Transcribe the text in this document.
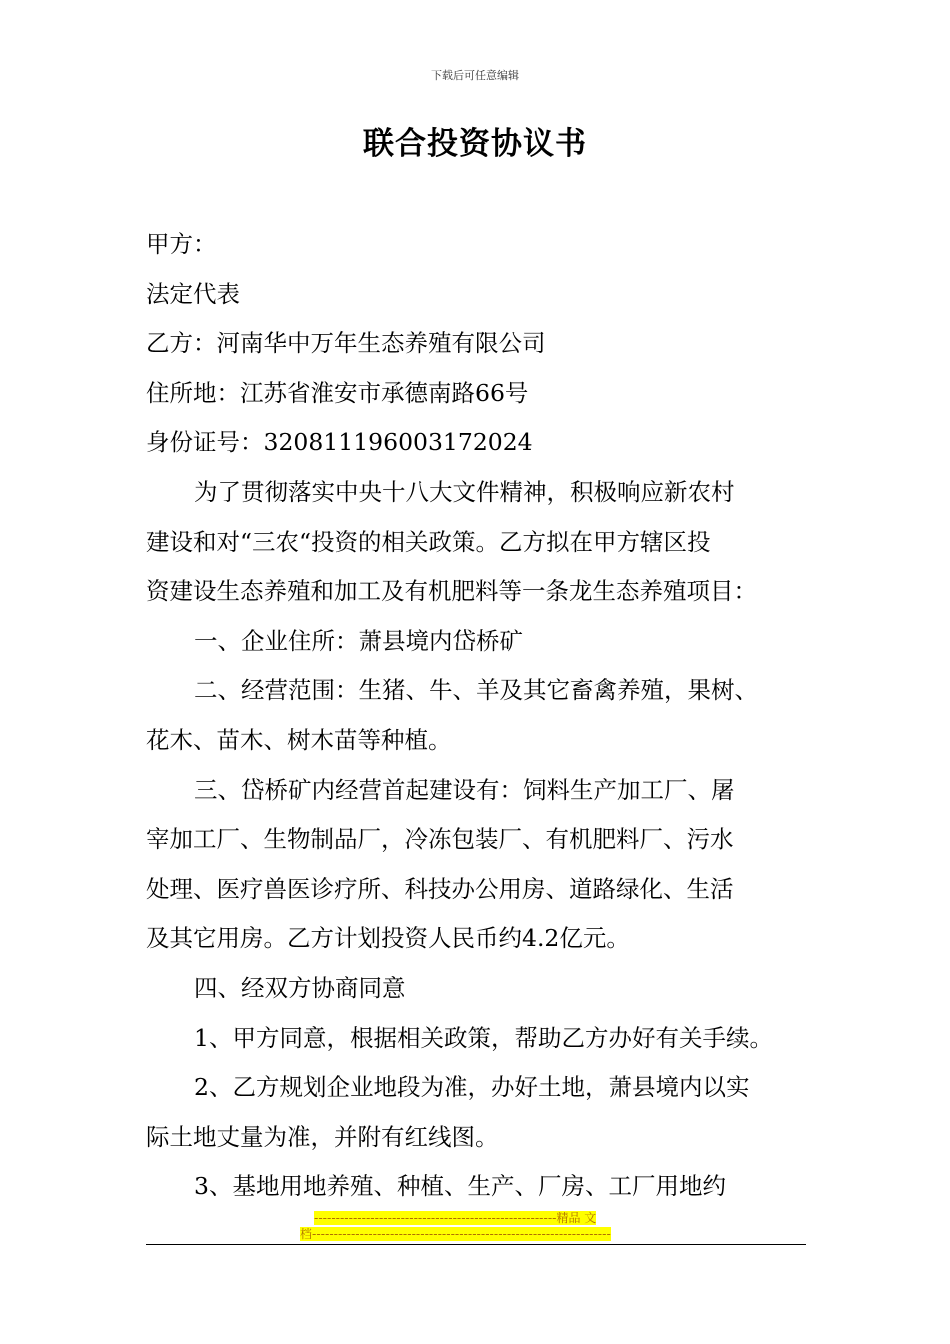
下载后可任意编辑
联合投资协议书
甲方：
法定代表
乙方：河南华中万年生态养殖有限公司
住所地：江苏省淮安市承德南路66号
身份证号：320811196003172024
为了贯彻落实中央十八大文件精神，积极响应新农村
建设和对“三农“投资的相关政策。乙方拟在甲方辖区投
资建设生态养殖和加工及有机肥料等一条龙生态养殖项目：
一、企业住所：萧县境内岱桥矿
二、经营范围：生猪、牛、羊及其它畜禽养殖，果树、
花木、苗木、树木苗等种植。
三、岱桥矿内经营首起建设有：饲料生产加工厂、屠
宰加工厂、生物制品厂，冷冻包装厂、有机肥料厂、污水
处理、医疗兽医诊疗所、科技办公用房、道路绿化、生活
及其它用房。乙方计划投资人民币约4.2亿元。
四、经双方协商同意
1、甲方同意，根据相关政策，帮助乙方办好有关手续。
2、乙方规划企业地段为准，办好土地，萧县境内以实
际土地丈量为准，并附有红线图。
3、基地用地养殖、种植、生产、厂房、工厂用地约
--------------------------------------------------------精品 文
档---------------------------------------------------------------------
